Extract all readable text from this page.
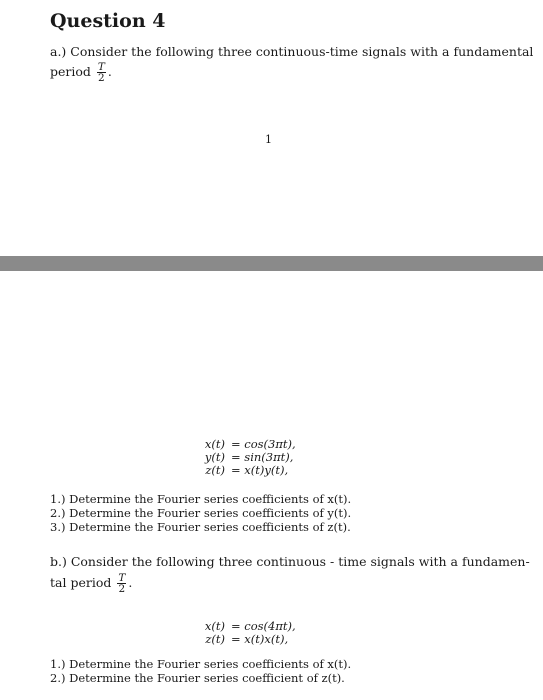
Question 4
a.) Consider the following three continuous-time signals with a fundamental
period $\frac{T}{2}$ .
1
x(t) = cos(3πt),
y(t) = sin(3πt),
z(t) = x(t)y(t),
1.) Determine the Fourier series coefficients of x(t).
2.) Determine the Fourier series coefficients of y(t).
3.) Determine the Fourier series coefficients of z(t).
b.) Consider the following three continuous - time signals with a fundamen-
tal period $\frac{T}{2}$ .
x(t) = cos(4πt),
z(t) = x(t)x(t),
1.) Determine the Fourier series coefficients of x(t).
2.) Determine the Fourier series coefficient of z(t).
